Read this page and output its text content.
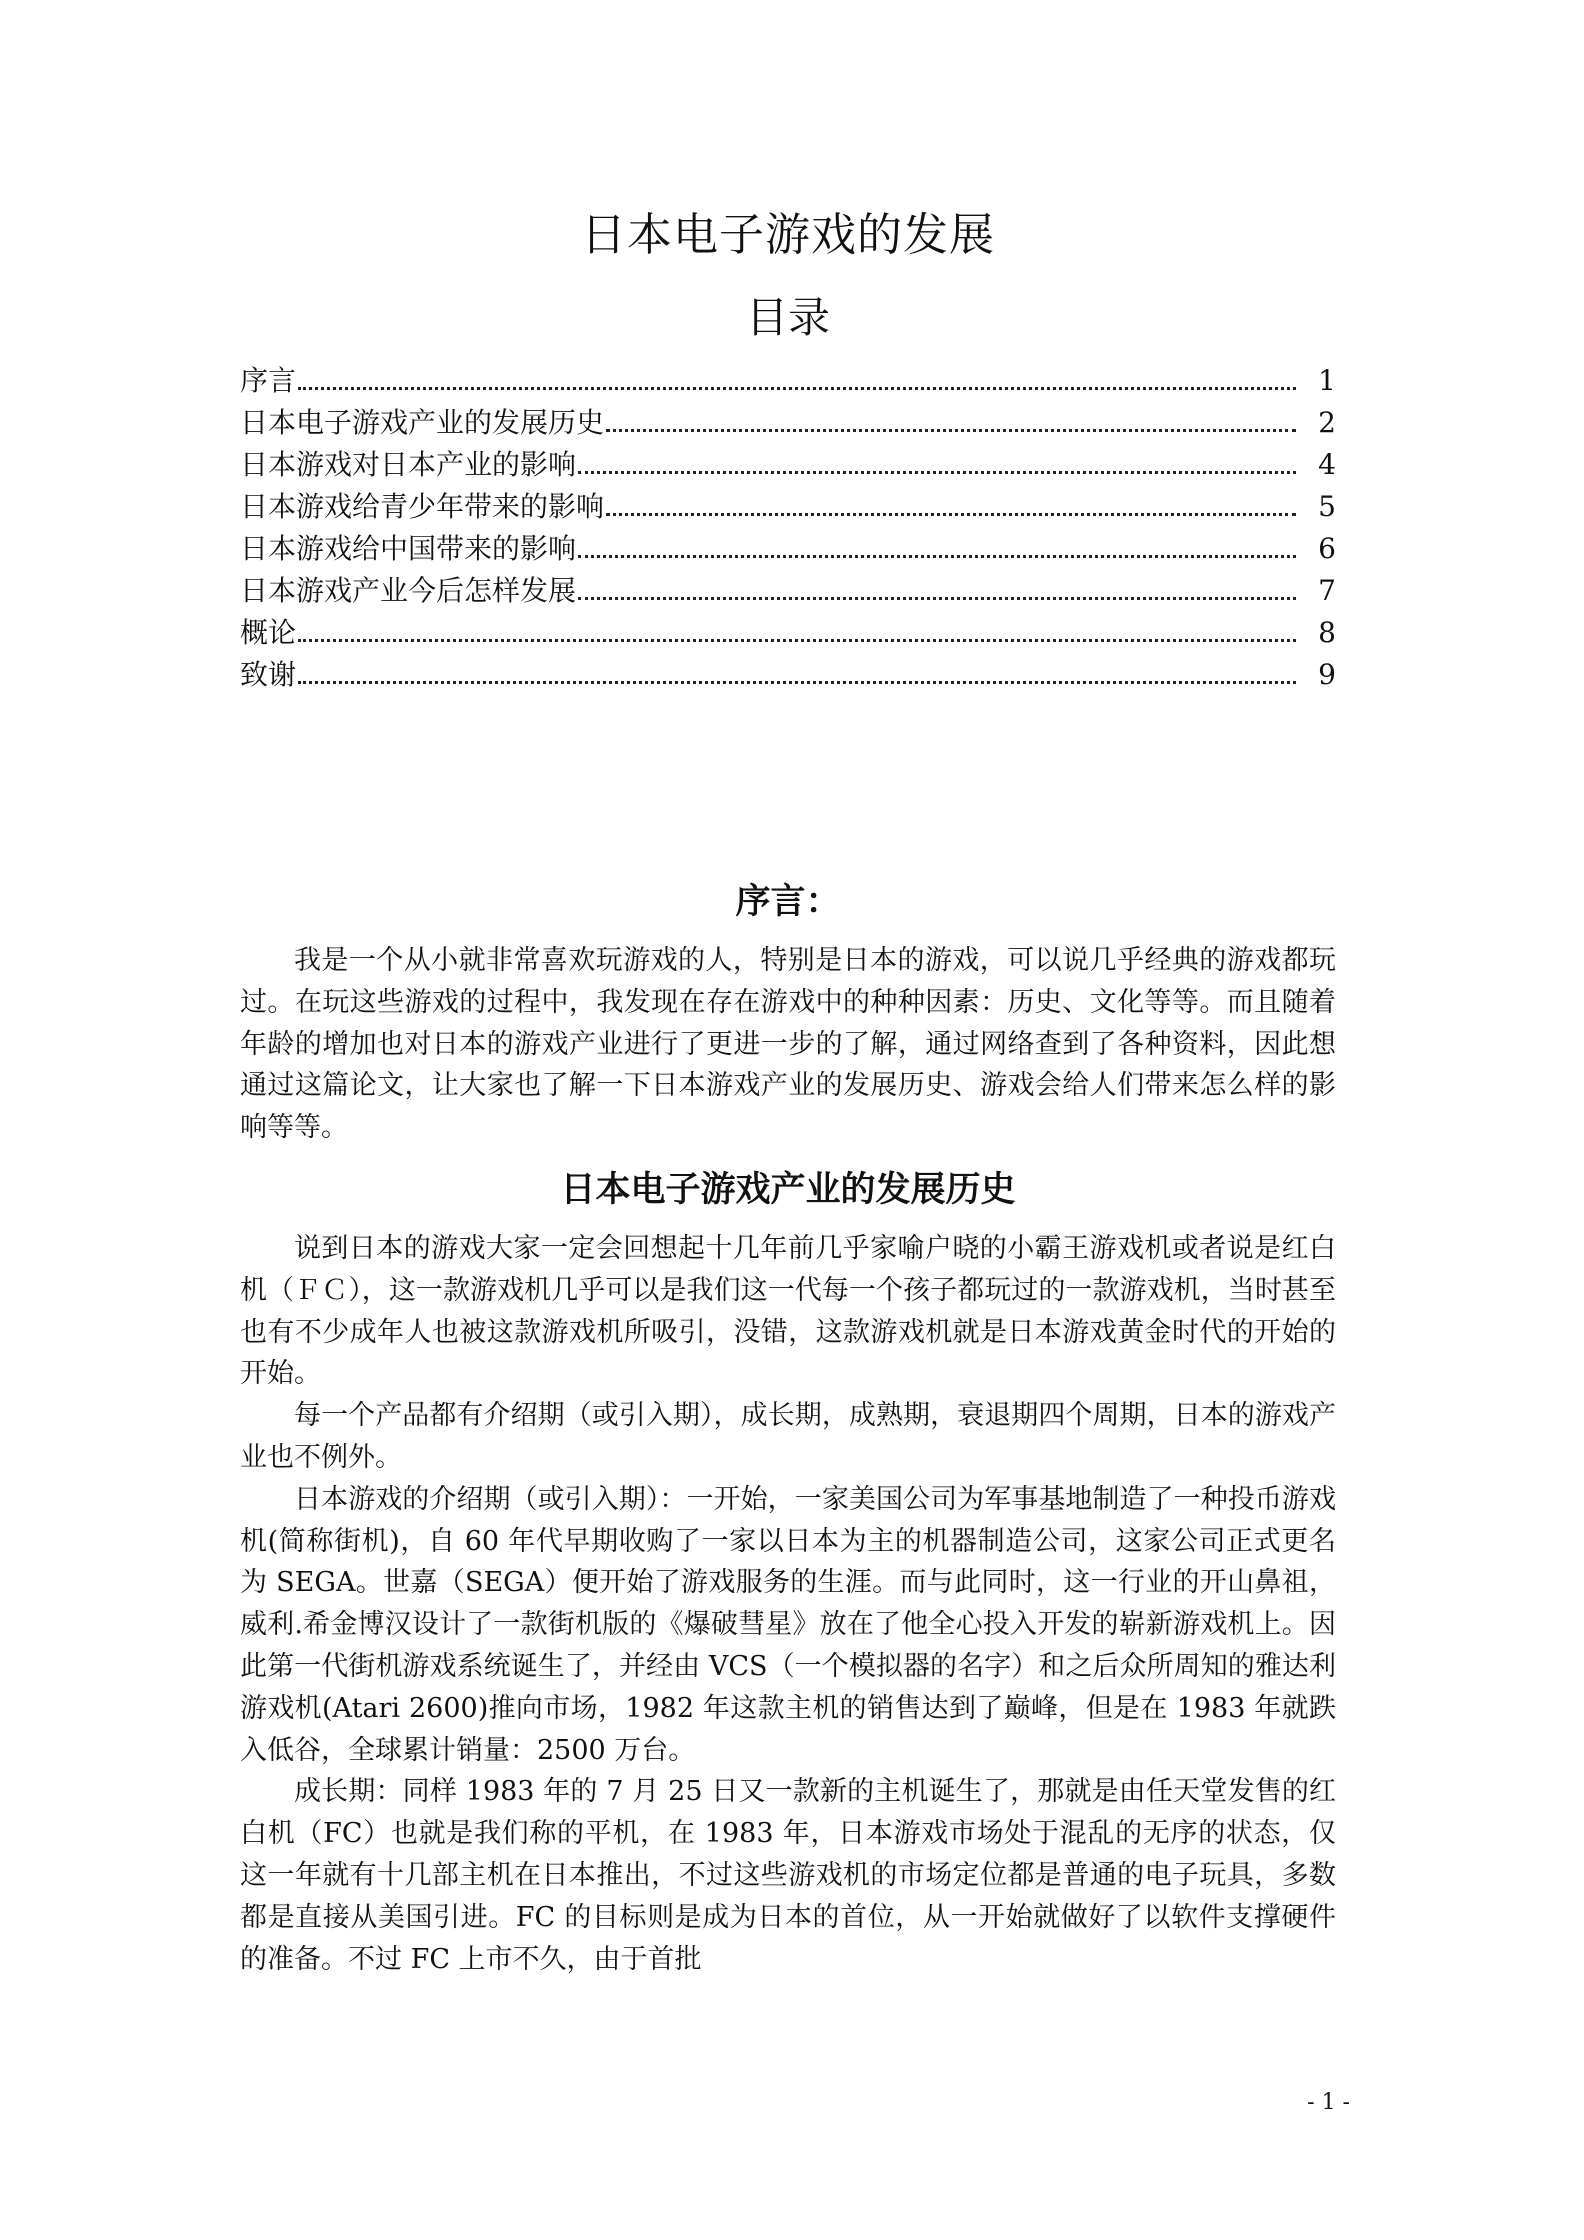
日本电子游戏的发展
目录
序言	1
日本电子游戏产业的发展历史	2
日本游戏对日本产业的影响	4
日本游戏给青少年带来的影响	5
日本游戏给中国带来的影响	6
日本游戏产业今后怎样发展	7
概论	8
致谢	9
序言：

我是一个从小就非常喜欢玩游戏的人，特别是日本的游戏，可以说几乎经典的游戏都玩过。在玩这些游戏的过程中，我发现在存在游戏中的种种因素：历史、文化等等。而且随着年龄的增加也对日本的游戏产业进行了更进一步的了解，通过网络查到了各种资料，因此想通过这篇论文，让大家也了解一下日本游戏产业的发展历史、游戏会给人们带来怎么样的影响等等。

日本电子游戏产业的发展历史

说到日本的游戏大家一定会回想起十几年前几乎家喻户晓的小霸王游戏机或者说是红白机（ＦＣ），这一款游戏机几乎可以是我们这一代每一个孩子都玩过的一款游戏机，当时甚至也有不少成年人也被这款游戏机所吸引，没错，这款游戏机就是日本游戏黄金时代的开始的开始。

每一个产品都有介绍期（或引入期），成长期，成熟期，衰退期四个周期，日本的游戏产业也不例外。

日本游戏的介绍期（或引入期）：一开始，一家美国公司为军事基地制造了一种投币游戏机(简称街机)，自 60 年代早期收购了一家以日本为主的机器制造公司，这家公司正式更名为 SEGA。世嘉（SEGA）便开始了游戏服务的生涯。而与此同时，这一行业的开山鼻祖，威利.希金博汉设计了一款街机版的《爆破彗星》放在了他全心投入开发的崭新游戏机上。因此第一代街机游戏系统诞生了，并经由 VCS（一个模拟器的名字）和之后众所周知的雅达利游戏机(Atari 2600)推向市场，1982 年这款主机的销售达到了巅峰，但是在 1983 年就跌入低谷，全球累计销量：2500 万台。

成长期：同样 1983 年的 7 月 25 日又一款新的主机诞生了，那就是由任天堂发售的红白机（FC）也就是我们称的平机，在 1983 年，日本游戏市场处于混乱的无序的状态，仅这一年就有十几部主机在日本推出，不过这些游戏机的市场定位都是普通的电子玩具，多数都是直接从美国引进。FC 的目标则是成为日本的首位，从一开始就做好了以软件支撑硬件的准备。不过 FC 上市不久，由于首批

- 1 -
